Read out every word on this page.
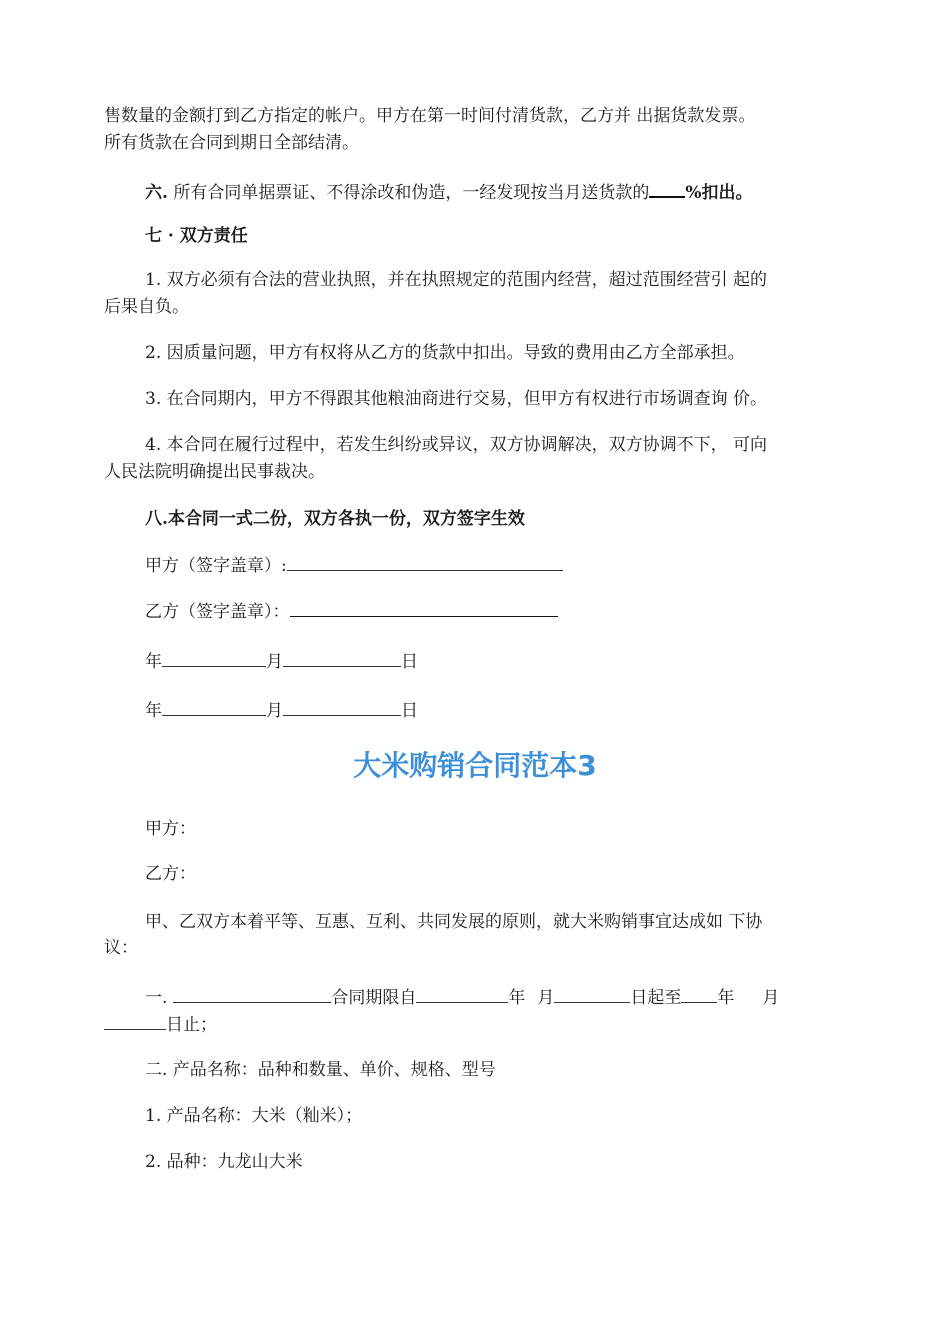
售数量的金额打到乙方指定的帐户。甲方在第一时间付清货款，乙方并 出据货款发票。
所有货款在合同到期日全部结清。
六. 所有合同单据票证、不得涂改和伪造，一经发现按当月送货款的 %扣出。
七 · 双方责任
1. 双方必须有合法的营业执照，并在执照规定的范围内经营，超过范围经营引 起的
后果自负。
2. 因质量问题，甲方有权将从乙方的货款中扣出。导致的费用由乙方全部承担。
3. 在合同期内，甲方不得跟其他粮油商进行交易，但甲方有权进行市场调查询 价。
4. 本合同在履行过程中，若发生纠纷或异议，双方协调解决，双方协调不下， 可向
人民法院明确提出民事裁决。
八.本合同一式二份，双方各执一份，双方签字生效
甲方（签字盖章）:
乙方（签字盖章）：
年	月	日
年	月	日
大米购销合同范本3
甲方：
乙方：
甲、乙双方本着平等、互惠、互利、共同发展的原则，就大米购销事宜达成如 下协
议：
一.	合同期限自	年 月	日起至 年 月
日止；
二. 产品名称：品种和数量、单价、规格、型号
1. 产品名称：大米（籼米）；
2. 品种：九龙山大米
